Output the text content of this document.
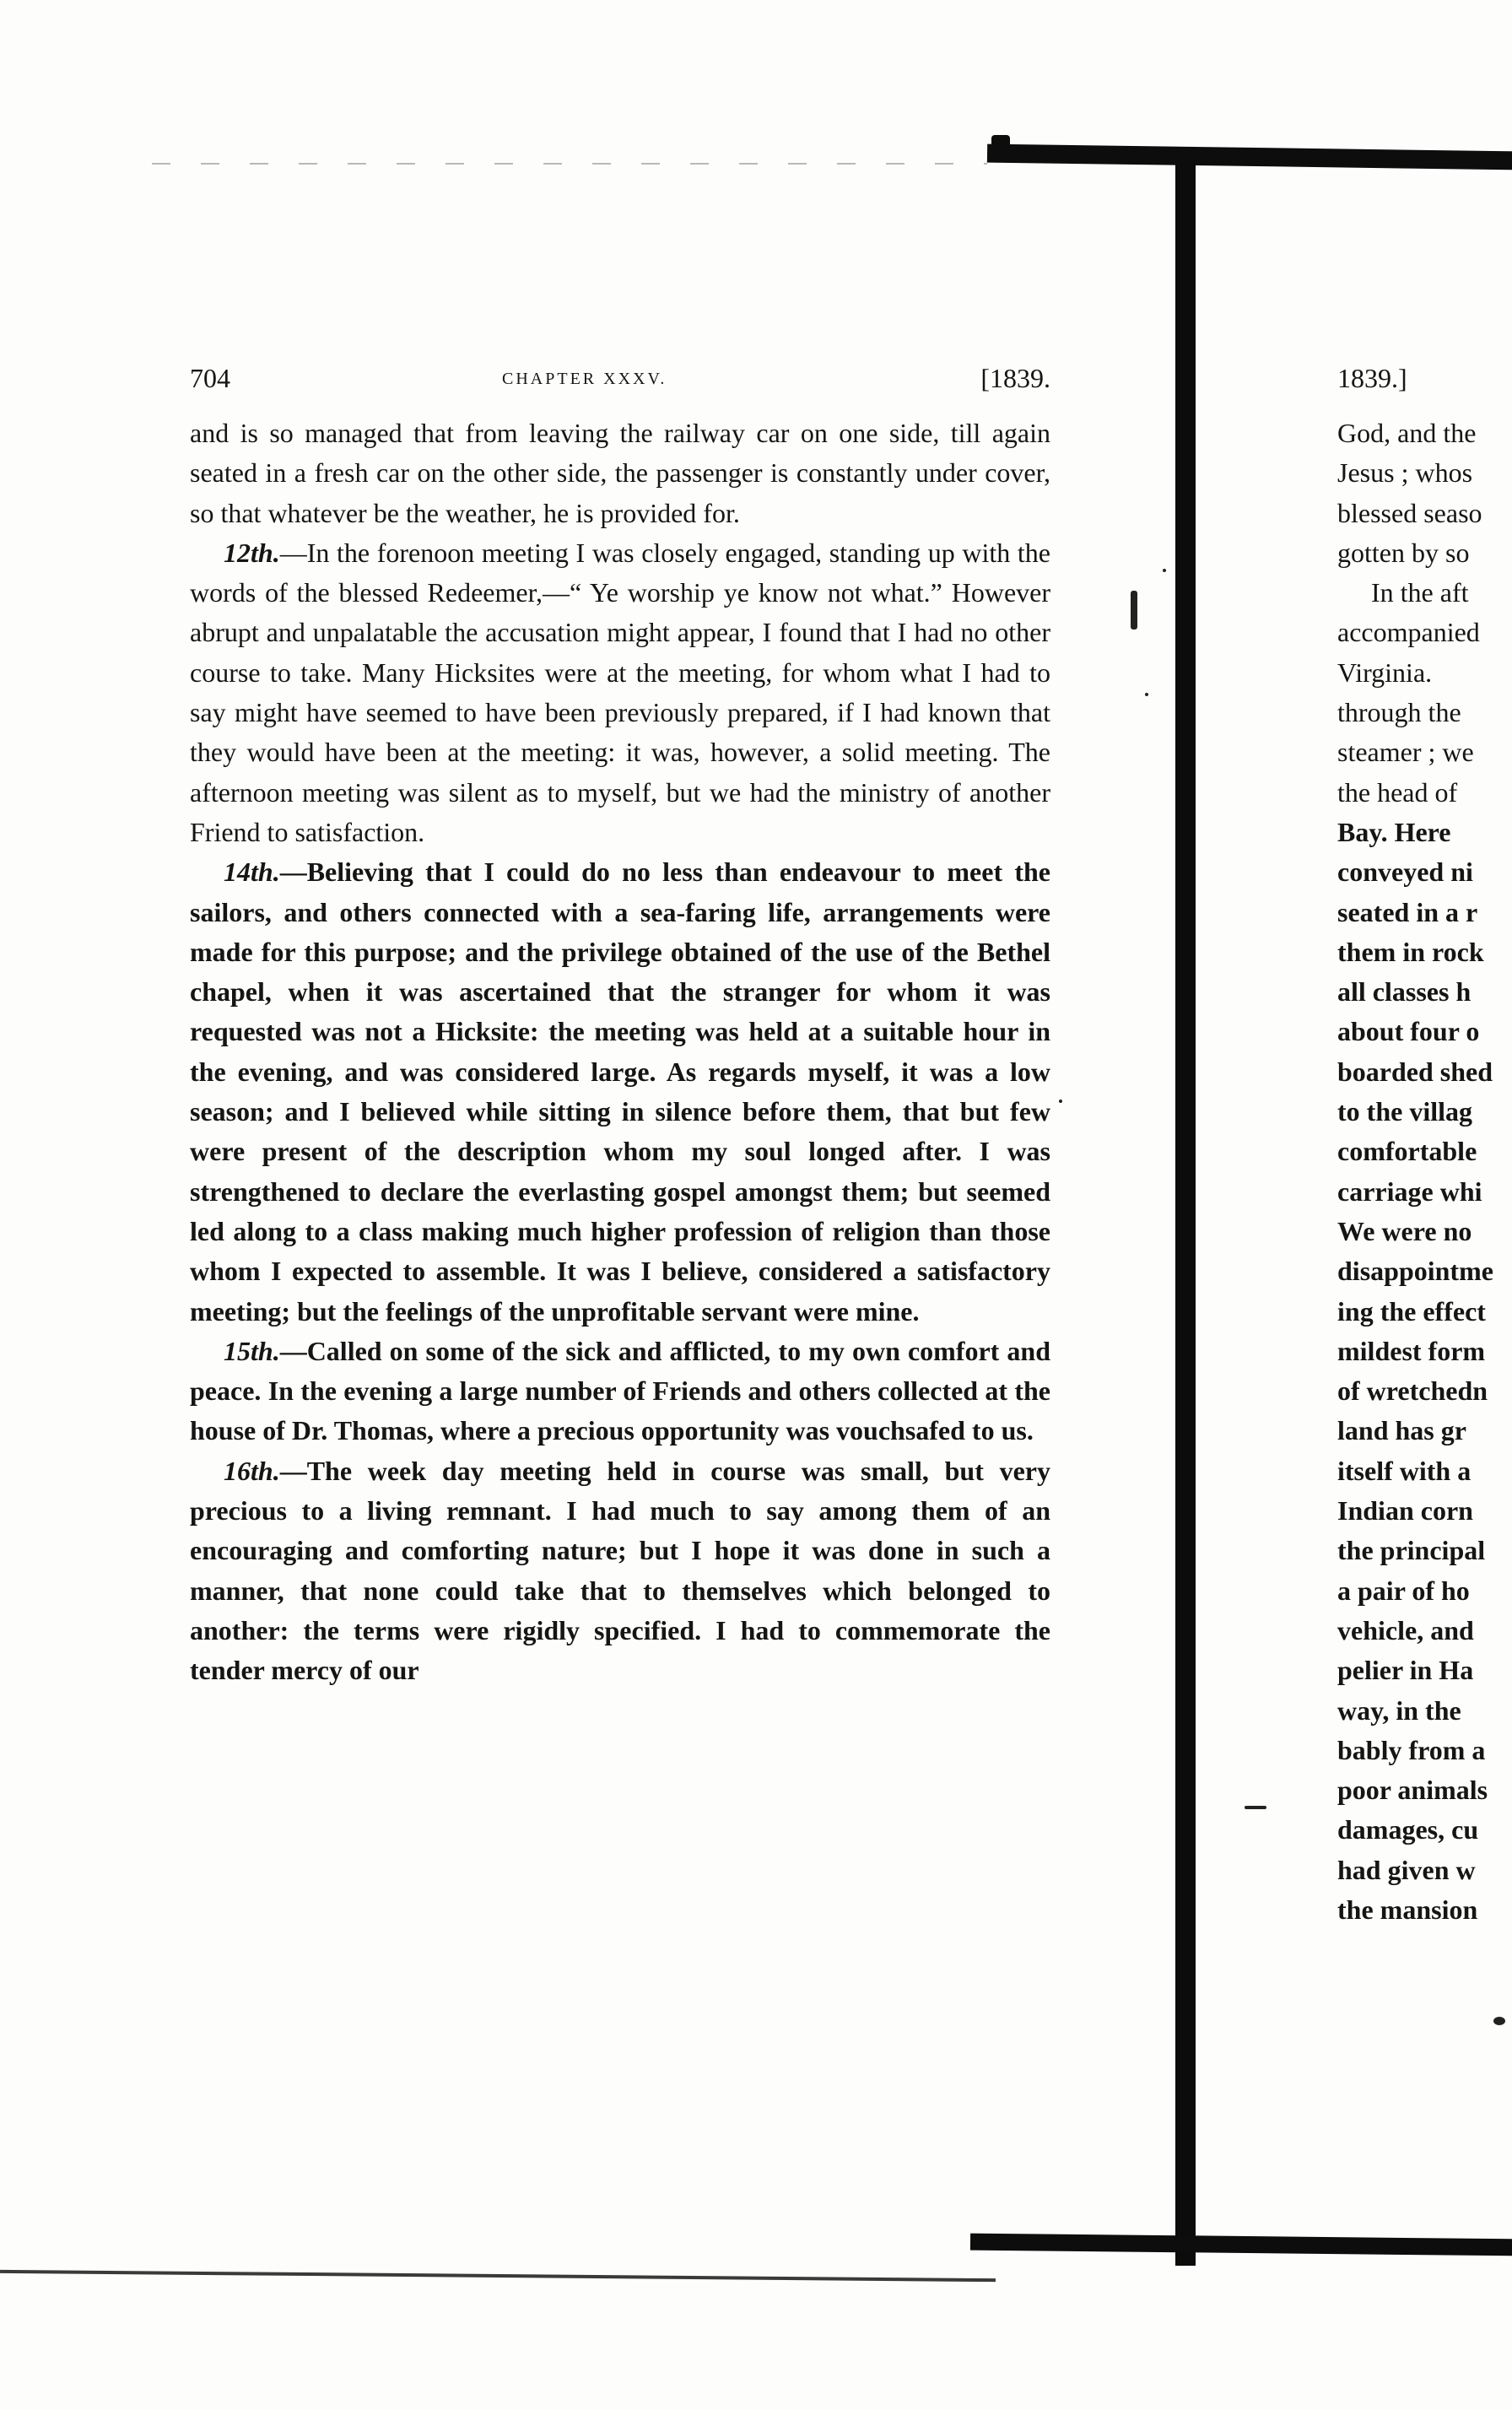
704	CHAPTER XXXV.	[1839.

and is so managed that from leaving the railway car on one side, till again seated in a fresh car on the other side, the passenger is constantly under cover, so that whatever be the weather, he is provided for.

12th.—In the forenoon meeting I was closely engaged, standing up with the words of the blessed Redeemer,—“ Ye worship ye know not what.” However abrupt and unpalatable the accusation might appear, I found that I had no other course to take. Many Hicksites were at the meeting, for whom what I had to say might have seemed to have been previously prepared, if I had known that they would have been at the meeting: it was, however, a solid meeting. The afternoon meeting was silent as to myself, but we had the ministry of another Friend to satisfaction.

14th.—Believing that I could do no less than endeavour to meet the sailors, and others connected with a sea-faring life, arrangements were made for this purpose; and the privilege obtained of the use of the Bethel chapel, when it was ascertained that the stranger for whom it was requested was not a Hicksite: the meeting was held at a suitable hour in the evening, and was considered large. As regards myself, it was a low season; and I believed while sitting in silence before them, that but few were present of the description whom my soul longed after. I was strengthened to declare the everlasting gospel amongst them; but seemed led along to a class making much higher profession of religion than those whom I expected to assemble. It was I believe, considered a satisfactory meeting; but the feelings of the unprofitable servant were mine.

15th.—Called on some of the sick and afflicted, to my own comfort and peace. In the evening a large number of Friends and others collected at the house of Dr. Thomas, where a precious opportunity was vouchsafed to us.

16th.—The week day meeting held in course was small, but very precious to a living remnant. I had much to say among them of an encouraging and comforting nature; but I hope it was done in such a manner, that none could take that to themselves which belonged to another: the terms were rigidly specified. I had to commemorate the tender mercy of our

1839.]
God, and the
Jesus ; whos
blessed seaso
gotten by so
In the aft
accompanied
Virginia.
through the
steamer ; we
the head of
Bay. Here
conveyed ni
seated in a r
them in rock
all classes h
about four o
boarded shed
to the villag
comfortable
carriage whi
We were no
disappointme
ing the effect
mildest form
of wretchedn
land has gr
itself with a
Indian corn
the principal
a pair of ho
vehicle, and
pelier in Ha
way, in the
bably from a
poor animals
damages, cu
had given w
the mansion
